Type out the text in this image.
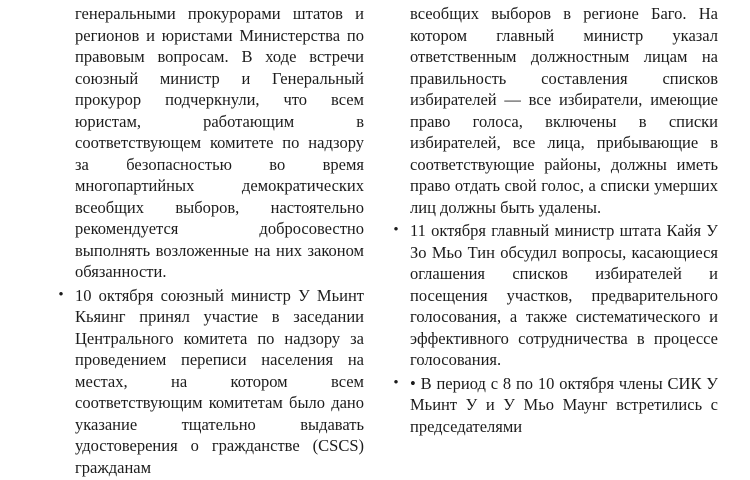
генеральными прокурорами штатов и регионов и юристами Министерства по правовым вопросам. В ходе встречи союзный министр и Генеральный прокурор подчеркнули, что всем юристам, работающим в соответствующем комитете по надзору за безопасностью во время многопартийных демократических всеобщих выборов, настоятельно рекомендуется добросовестно выполнять возложенные на них законом обязанности.

• 10 октября союзный министр У Мьинт Кьяинг принял участие в заседании Центрального комитета по надзору за проведением переписи населения на местах, на котором всем соответствующим комитетам было дано указание тщательно выдавать удостоверения о гражданстве (CSCS) гражданам

всеобщих выборов в регионе Баго. На котором главный министр указал ответственным должностным лицам на правильность составления списков избирателей — все избиратели, имеющие право голоса, включены в списки избирателей, все лица, прибывающие в соответствующие районы, должны иметь право отдать свой голос, а списки умерших лиц должны быть удалены.

• 11 октября главный министр штата Кайя У Зо Мьо Тин обсудил вопросы, касающиеся оглашения списков избирателей и посещения участков, предварительного голосования, а также систематического и эффективного сотрудничества в процессе голосования.

• • В период с 8 по 10 октября члены СИК У Мьинт У и У Мьо Маунг встретились с председателями
